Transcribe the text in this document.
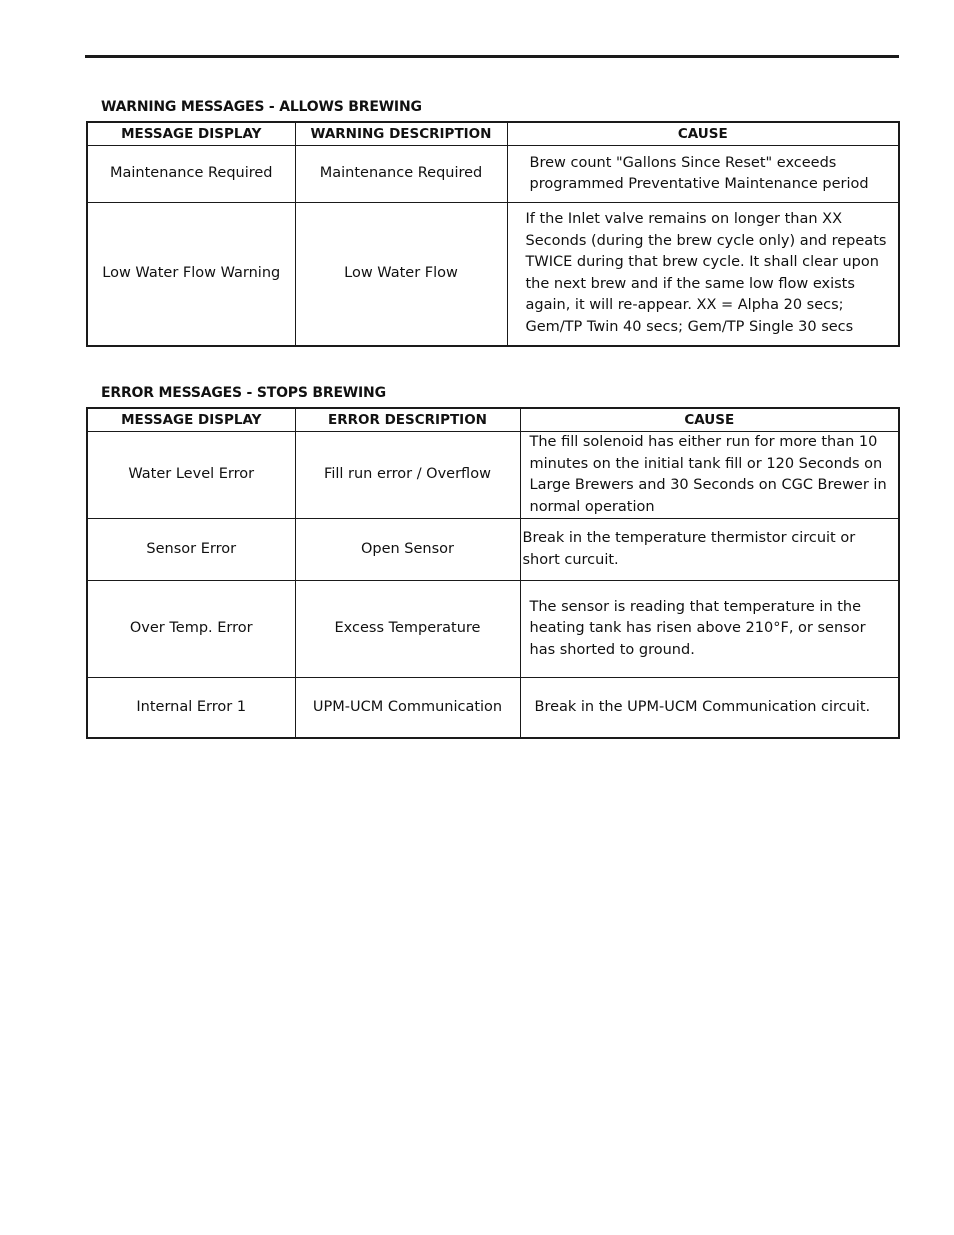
WARNING MESSAGES - ALLOWS BREWING
MESSAGE DISPLAY	WARNING DESCRIPTION	CAUSE
Maintenance Required	Maintenance Required	Brew count "Gallons Since Reset" exceeds programmed Preventative Maintenance period

Low Water Flow Warning	Low Water Flow	If the Inlet valve remains on longer than XX Seconds (during the brew cycle only) and repeats TWICE during that brew cycle. It shall clear upon the next brew and if the same low flow exists again, it will re-appear. XX = Alpha 20 secs; Gem/TP Twin 40 secs; Gem/TP Single 30 secs
ERROR MESSAGES - STOPS BREWING
MESSAGE DISPLAY	ERROR DESCRIPTION	CAUSE
Water Level Error	Fill run error / Overflow	The fill solenoid has either run for more than 10 minutes on the initial tank fill or 120 Seconds on Large Brewers and 30 Seconds on CGC Brewer in normal operation

Sensor Error	Open Sensor	Break in the temperature thermistor circuit or short curcuit.

Over Temp. Error	Excess Temperature	The sensor is reading that temperature in the heating tank has risen above 210°F, or sensor has shorted to ground.

Internal Error 1	UPM-UCM Communication	Break in the UPM-UCM Communication circuit.
